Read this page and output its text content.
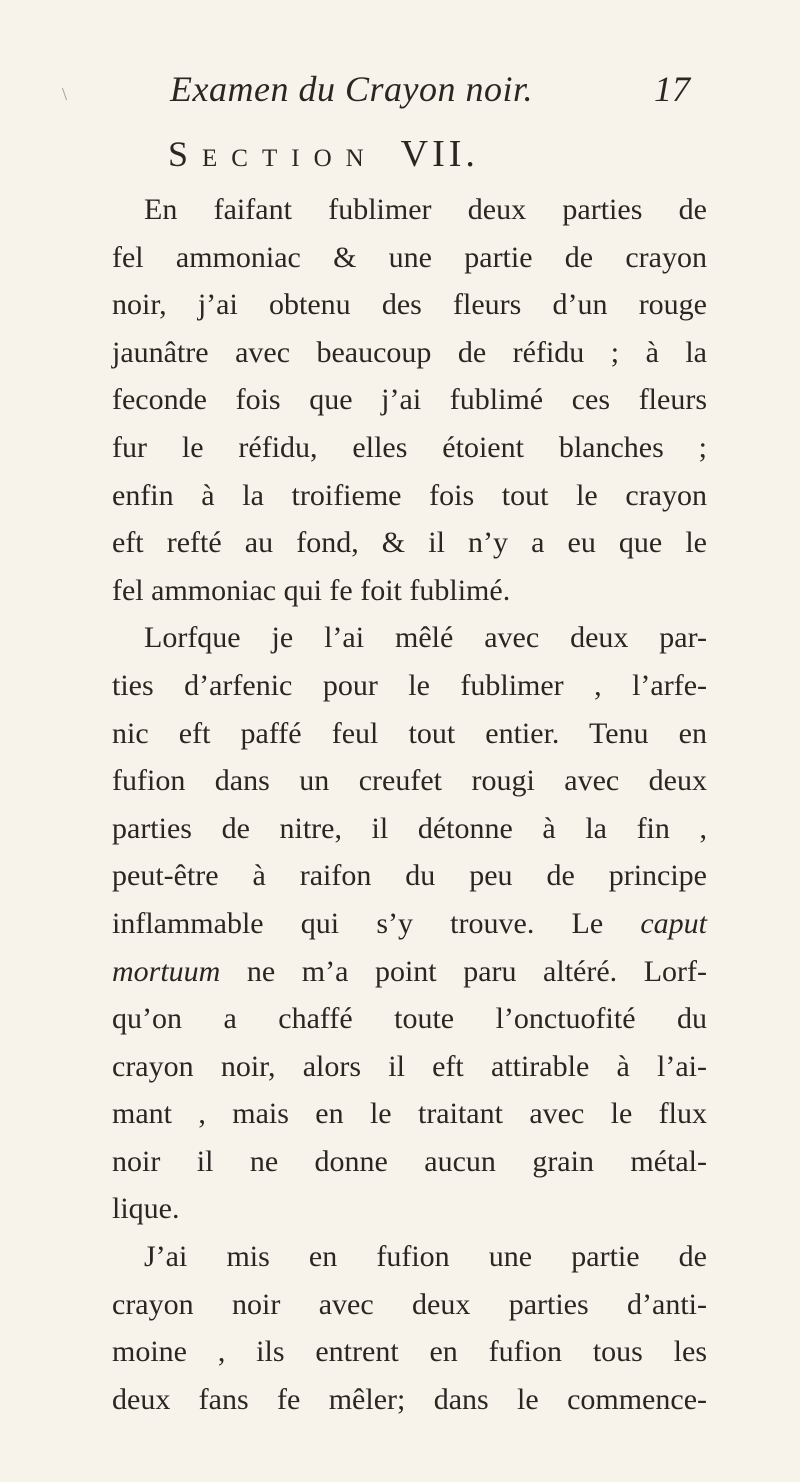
\	Examen du Crayon noir.	17
Section VII.
En faifant fublimer deux parties de
fel ammoniac & une partie de crayon
noir, j’ai obtenu des fleurs d’un rouge
jaunâtre avec beaucoup de réfidu ; à la
feconde fois que j’ai fublimé ces fleurs
fur le réfidu, elles étoient blanches ;
enfin à la troifieme fois tout le crayon
eft refté au fond, & il n’y a eu que le
fel ammoniac qui fe foit fublimé.
Lorfque je l’ai mêlé avec deux par-
ties d’arfenic pour le fublimer , l’arfe-
nic eft paffé feul tout entier. Tenu en
fufion dans un creufet rougi avec deux
parties de nitre, il détonne à la fin ,
peut-être à raifon du peu de principe
inflammable qui s’y trouve. Le caput
mortuum ne m’a point paru altéré. Lorf-
qu’on a chaffé toute l’onctuofité du
crayon noir, alors il eft attirable à l’ai-
mant , mais en le traitant avec le flux
noir il ne donne aucun grain métal-
lique.
J’ai mis en fufion une partie de
crayon noir avec deux parties d’anti-
moine , ils entrent en fufion tous les
deux fans fe mêler; dans le commence-
